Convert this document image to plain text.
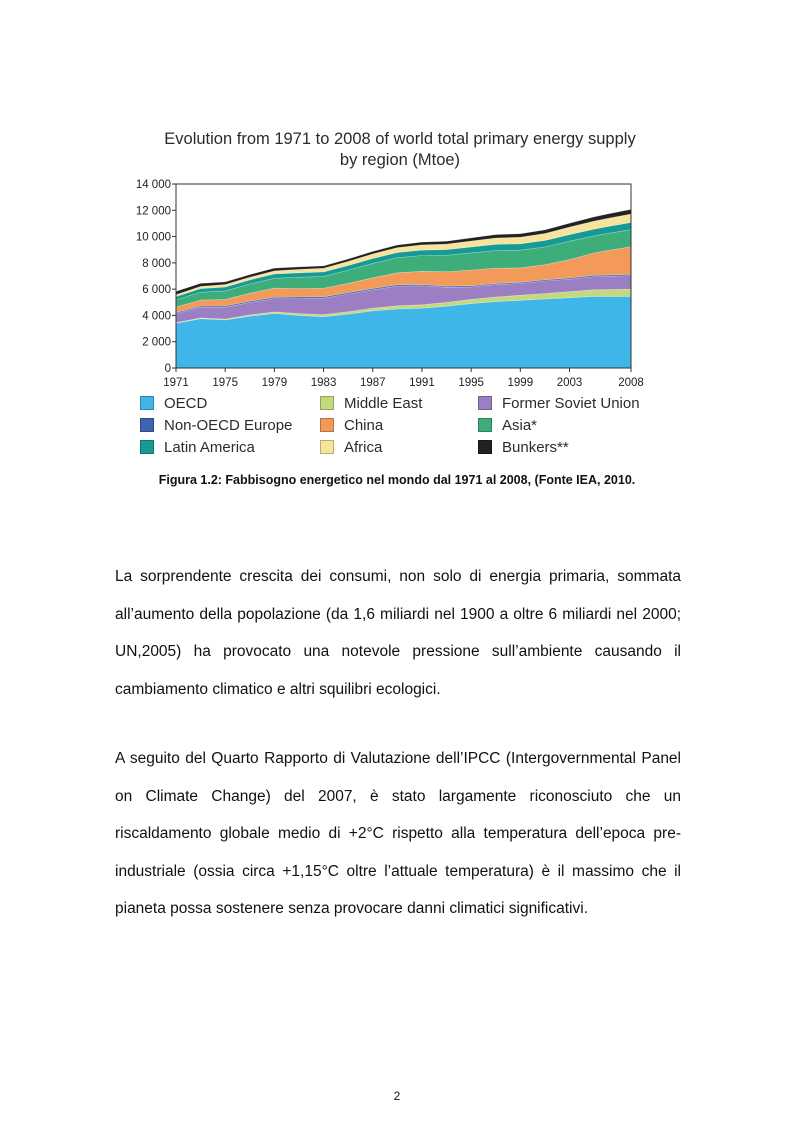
Evolution from 1971 to 2008 of world total primary energy supply
by region (Mtoe)
0
2 000
4 000
6 000
8 000
10 000
12 000
14 000
1971 1975 1979 1983 1987 1991 1995 1999 2003	2008
OECD
Non-OECD Europe
Latin America
Middle East
China
Africa
Former Soviet Union
Asia*
Bunkers**
Figura 1.2: Fabbisogno energetico nel mondo dal 1971 al 2008, (Fonte IEA, 2010.

La sorprendente crescita dei consumi, non solo di energia primaria, sommata all’aumento della popolazione (da 1,6 miliardi nel 1900 a oltre 6 miliardi nel 2000; UN,2005) ha provocato una notevole pressione sull’ambiente causando il cambiamento climatico e altri squilibri ecologici.

A seguito del Quarto Rapporto di Valutazione dell’IPCC (Intergovernmental Panel on Climate Change) del 2007, è stato largamente riconosciuto che un riscaldamento globale medio di +2°C rispetto alla temperatura dell’epoca pre-industriale (ossia circa +1,15°C oltre l’attuale temperatura) è il massimo che il pianeta possa sostenere senza provocare danni climatici significativi.

2
